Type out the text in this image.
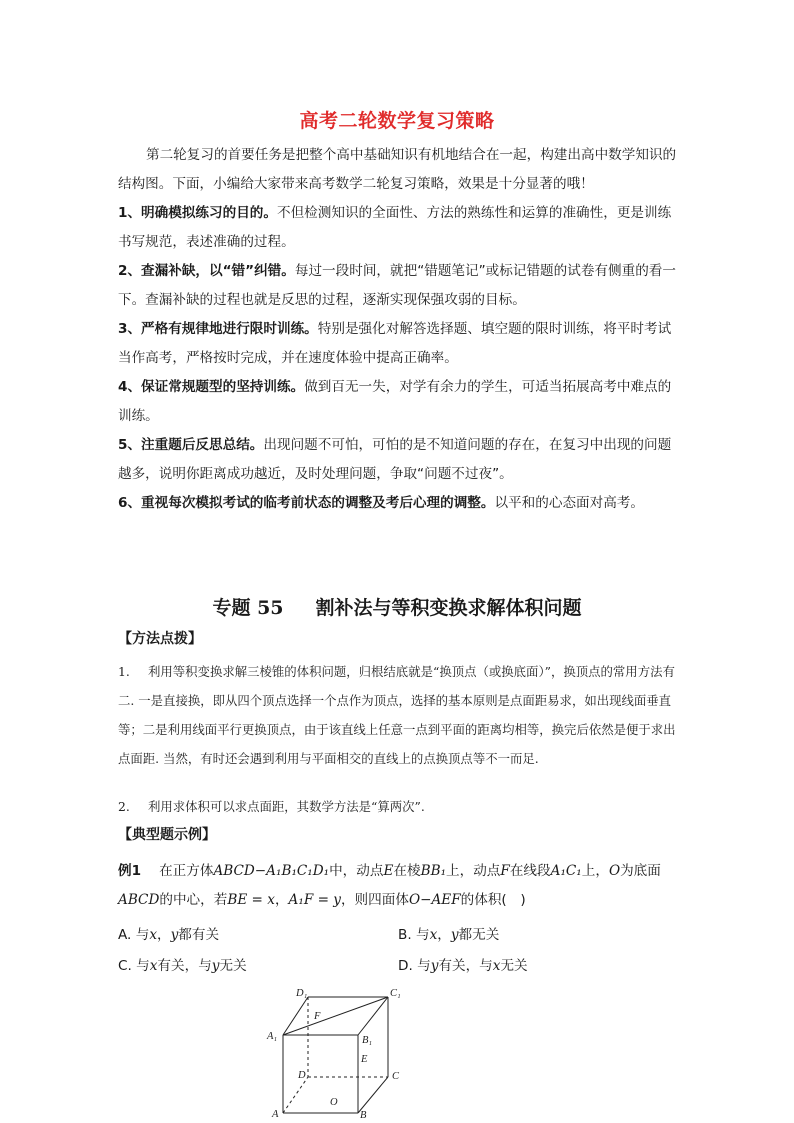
高考二轮数学复习策略
第二轮复习的首要任务是把整个高中基础知识有机地结合在一起，构建出高中数学知识的结构图。下面，小编给大家带来高考数学二轮复习策略，效果是十分显著的哦！
1、明确模拟练习的目的。不但检测知识的全面性、方法的熟练性和运算的准确性，更是训练书写规范，表述准确的过程。
2、查漏补缺，以“错”纠错。每过一段时间，就把“错题笔记”或标记错题的试卷有侧重的看一下。查漏补缺的过程也就是反思的过程，逐渐实现保强攻弱的目标。
3、严格有规律地进行限时训练。特别是强化对解答选择题、填空题的限时训练，将平时考试当作高考，严格按时完成，并在速度体验中提高正确率。
4、保证常规题型的坚持训练。做到百无一失，对学有余力的学生，可适当拓展高考中难点的训练。
5、注重题后反思总结。出现问题不可怕，可怕的是不知道问题的存在，在复习中出现的问题越多，说明你距离成功越近，及时处理问题，争取“问题不过夜”。
6、重视每次模拟考试的临考前状态的调整及考后心理的调整。以平和的心态面对高考。
专题 55 割补法与等积变换求解体积问题
【方法点拨】
1. 利用等积变换求解三棱锥的体积问题，归根结底就是“换顶点（或换底面）”，换顶点的常用方法有二. 一是直接换，即从四个顶点选择一个点作为顶点，选择的基本原则是点面距易求，如出现线面垂直等；二是利用线面平行更换顶点，由于该直线上任意一点到平面的距离均相等，换完后依然是便于求出点面距. 当然，有时还会遇到利用与平面相交的直线上的点换顶点等不一而足.
2. 利用求体积可以求点面距，其数学方法是“算两次”.
【典型题示例】
例1 在正方体ABCD−A₁B₁C₁D₁中，动点E在棱BB₁上，动点F在线段A₁C₁上，O为底面
ABCD的中心，若BE = x，A₁F = y，则四面体O−AEF的体积(　)
A. 与x，y都有关	B. 与x，y都无关
C. 与x有关，与y无关	D. 与y有关，与x无关
D₁	C₁
A₁	B₁
F
E
D	C
A	B
O
